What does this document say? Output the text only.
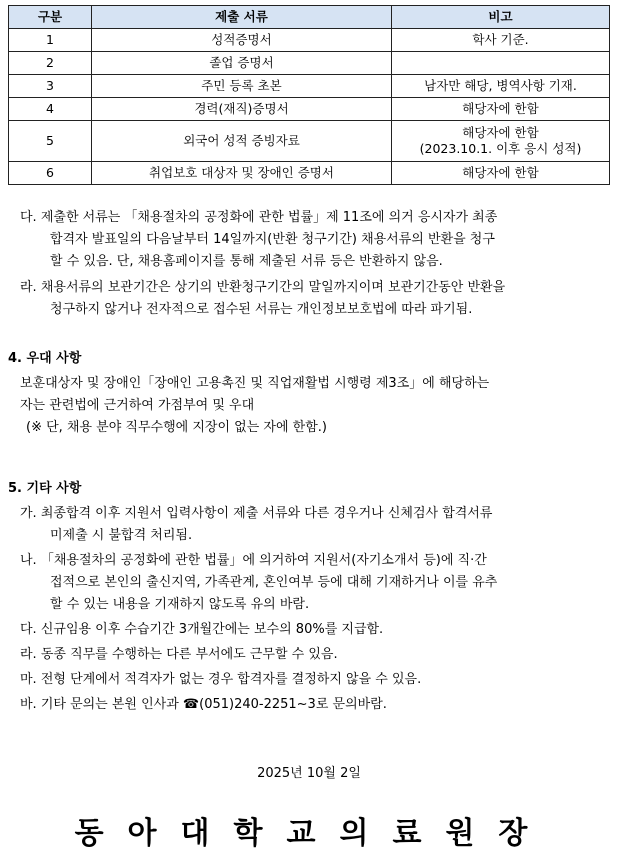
구분	제출 서류	비고
1	성적증명서	학사 기준.
2	졸업 증명서	
3	주민 등록 초본	남자만 해당, 병역사항 기재.
4	경력(재직)증명서	해당자에 한함
5	외국어 성적 증빙자료	해당자에 한함
(2023.10.1. 이후 응시 성적)

6	취업보호 대상자 및 장애인 증명서	해당자에 한함
다. 제출한 서류는 「채용절차의 공정화에 관한 법률」제 11조에 의거 응시자가 최종
합격자 발표일의 다음날부터 14일까지(반환 청구기간) 채용서류의 반환을 청구
할 수 있음. 단, 채용홈페이지를 통해 제출된 서류 등은 반환하지 않음.
라. 채용서류의 보관기간은 상기의 반환청구기간의 말일까지이며 보관기간동안 반환을
청구하지 않거나 전자적으로 접수된 서류는 개인정보보호법에 따라 파기됨.
4. 우대 사항
보훈대상자 및 장애인「장애인 고용촉진 및 직업재활법 시행령 제3조」에 해당하는
자는 관련법에 근거하여 가점부여 및 우대
(※ 단, 채용 분야 직무수행에 지장이 없는 자에 한함.)
5. 기타 사항
가. 최종합격 이후 지원서 입력사항이 제출 서류와 다른 경우거나 신체검사 합격서류
미제출 시 불합격 처리됨.
나. 「채용절차의 공정화에 관한 법률」에 의거하여 지원서(자기소개서 등)에 직·간
접적으로 본인의 출신지역, 가족관계, 혼인여부 등에 대해 기재하거나 이를 유추
할 수 있는 내용을 기재하지 않도록 유의 바람.
다. 신규임용 이후 수습기간 3개월간에는 보수의 80%를 지급함.
라. 동종 직무를 수행하는 다른 부서에도 근무할 수 있음.
마. 전형 단계에서 적격자가 없는 경우 합격자를 결정하지 않을 수 있음.
바. 기타 문의는 본원 인사과 ☎(051)240-2251~3로 문의바람.
2025년 10월 2일
동아대학교의료원장
